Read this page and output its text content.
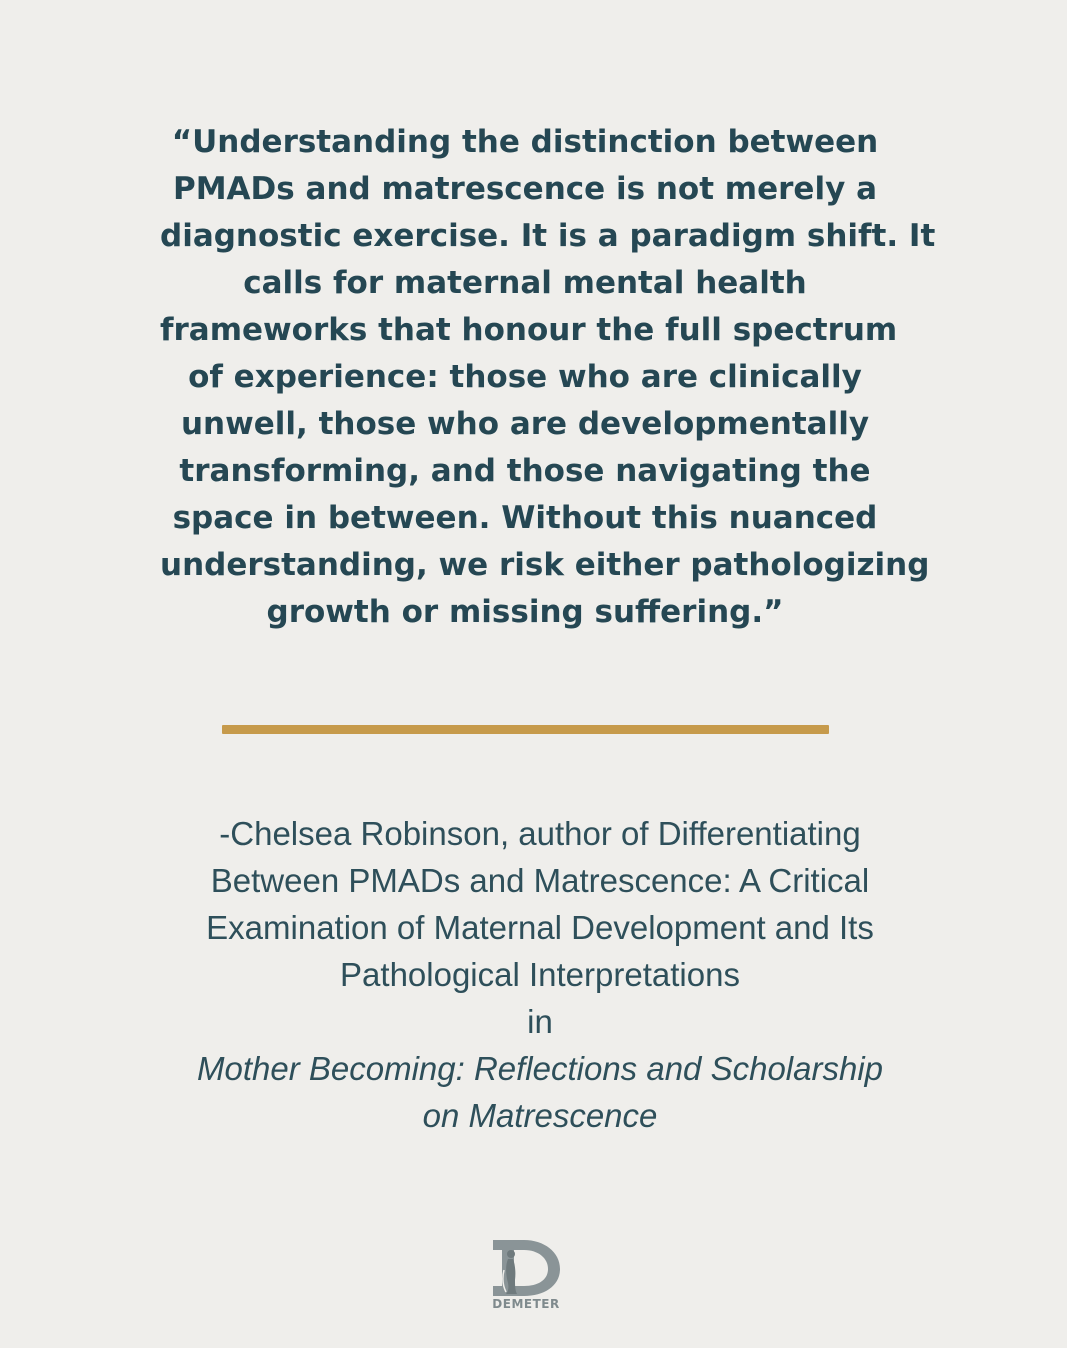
“Understanding the distinction between
PMADs and matrescence is not merely a
diagnostic exercise. It is a paradigm shift. It
calls for maternal mental health
frameworks that honour the full spectrum
of experience: those who are clinically
unwell, those who are developmentally
transforming, and those navigating the
space in between. Without this nuanced
understanding, we risk either pathologizing
growth or missing suffering.”
-Chelsea Robinson, author of Differentiating
Between PMADs and Matrescence: A Critical
Examination of Maternal Development and Its
Pathological Interpretations
in
Mother Becoming: Reflections and Scholarship
on Matrescence
DEMETER
